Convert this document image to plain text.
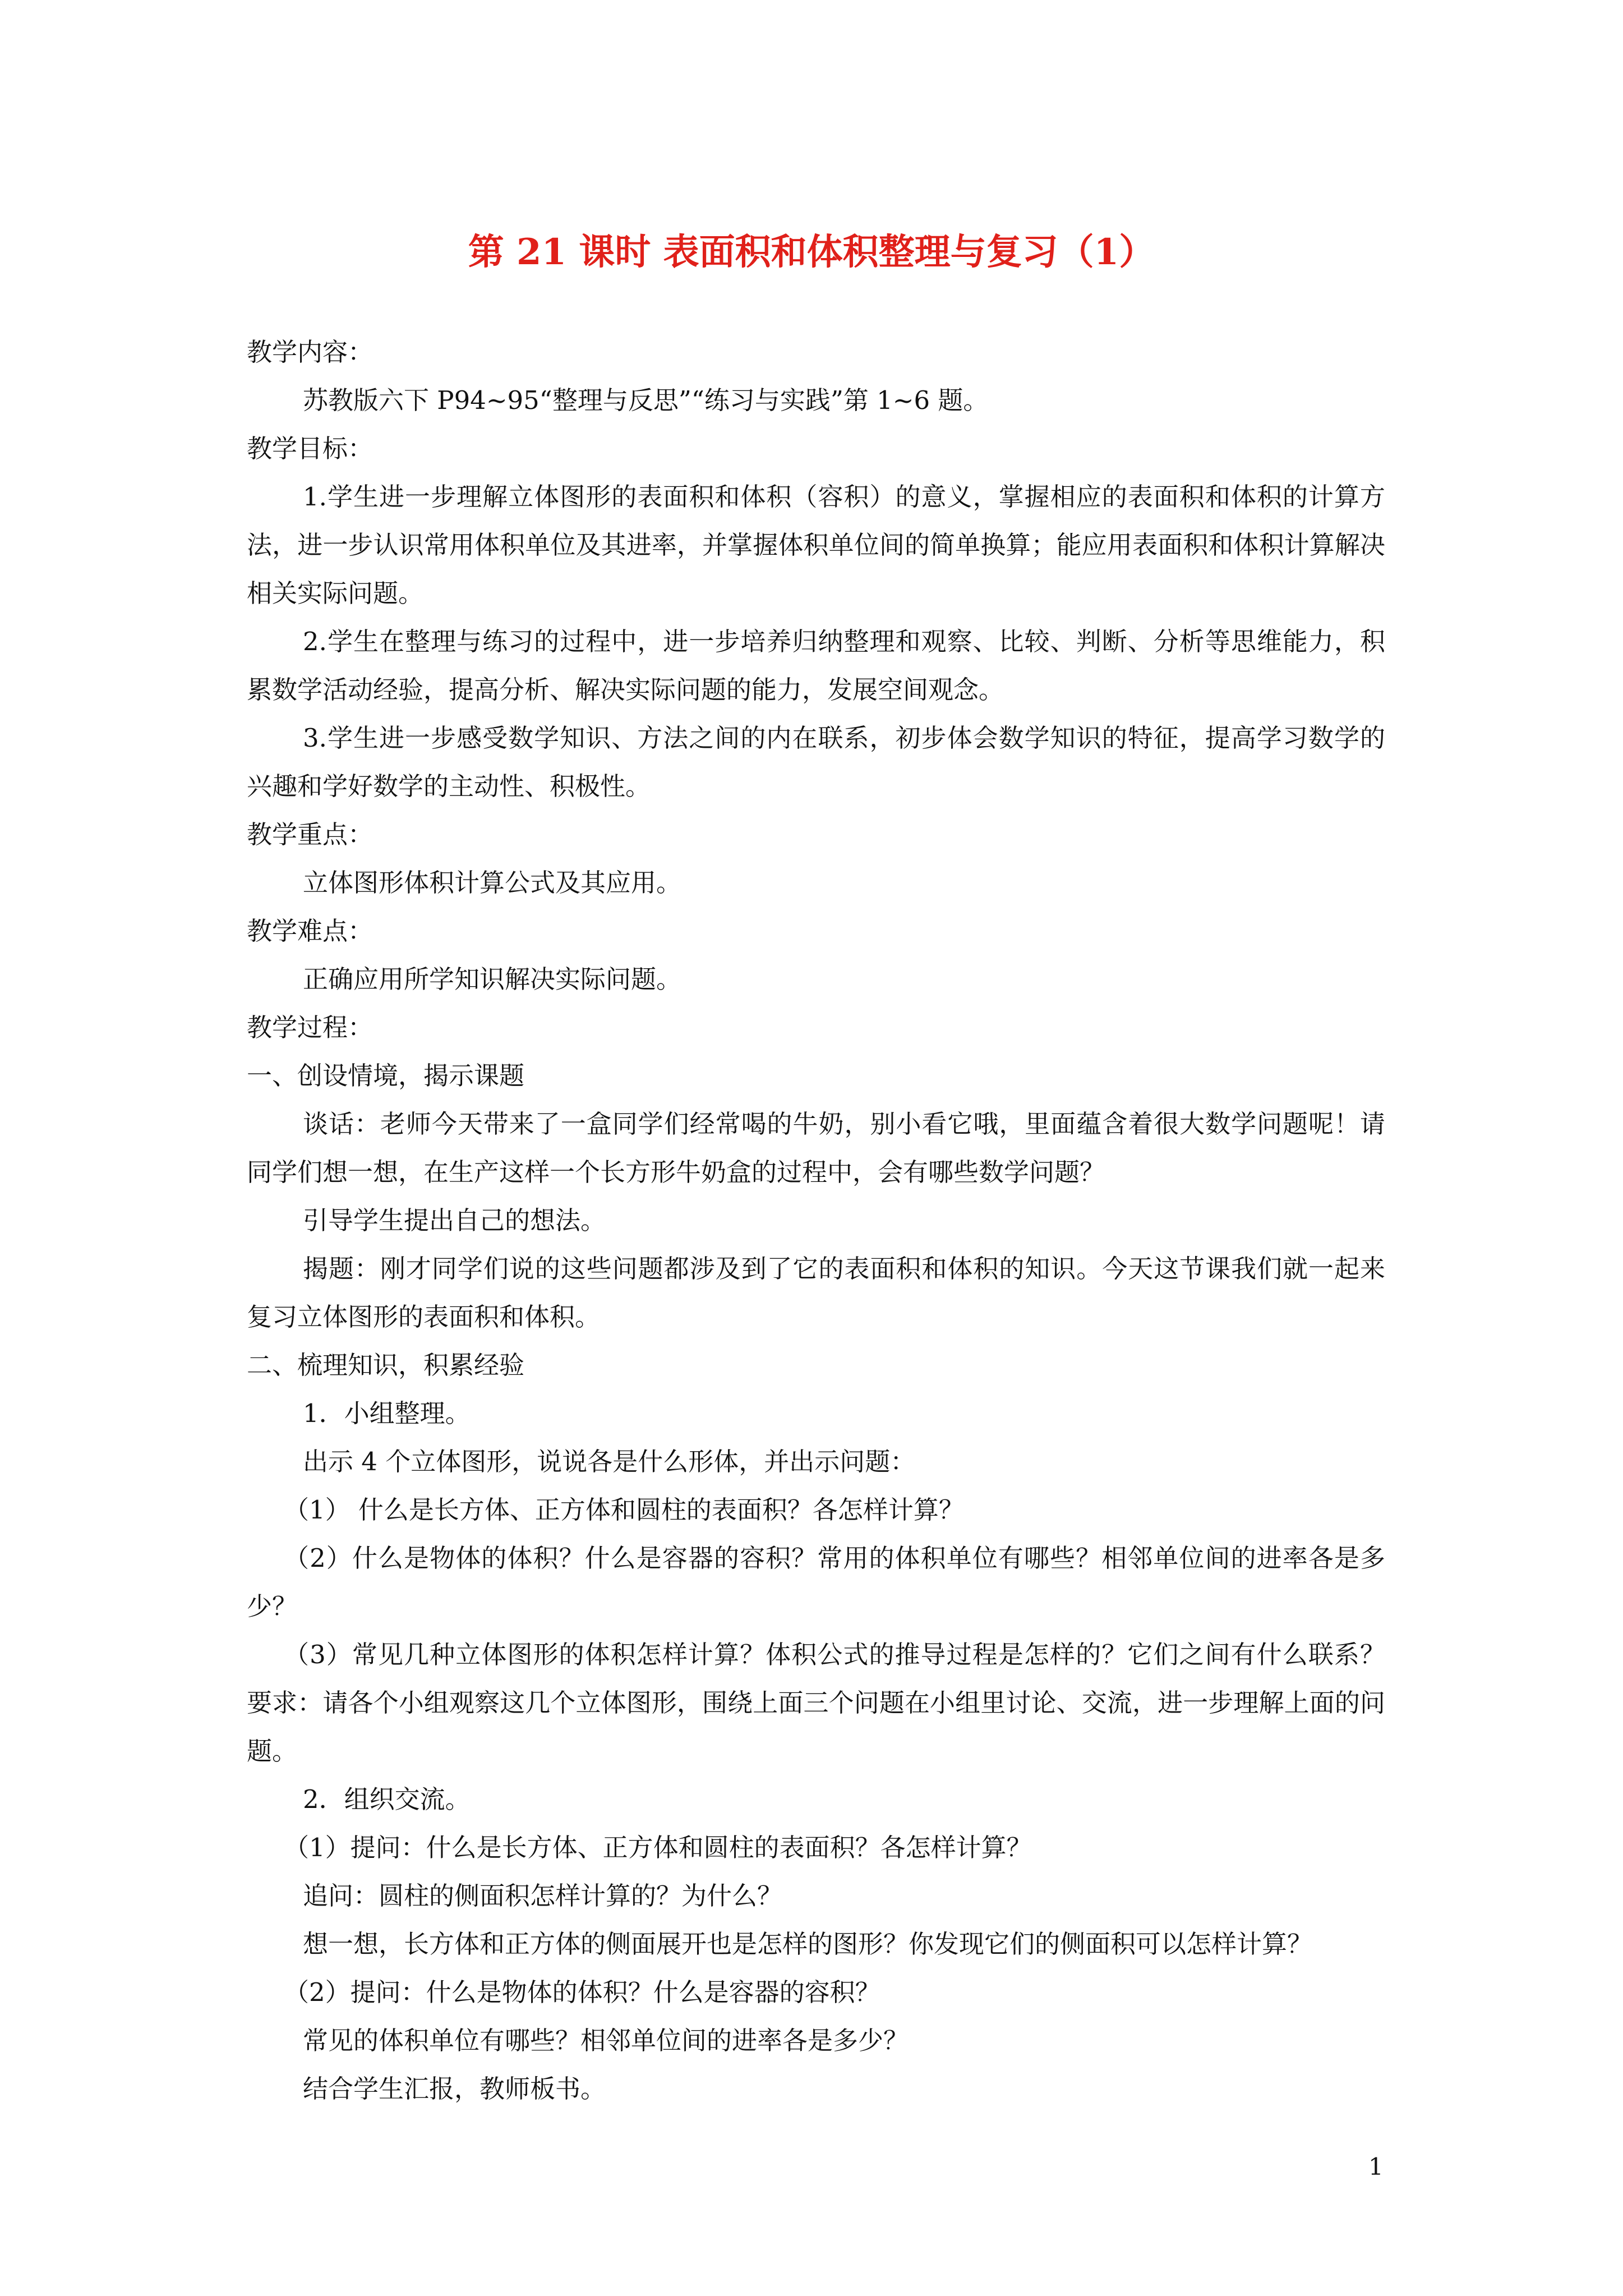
第 21 课时 表面积和体积整理与复习（1）

教学内容：

苏教版六下 P94~95“整理与反思”“练习与实践”第 1~6 题。

教学目标：

1.学生进一步理解立体图形的表面积和体积（容积）的意义，掌握相应的表面积和体积的计算方法，进一步认识常用体积单位及其进率，并掌握体积单位间的简单换算；能应用表面积和体积计算解决相关实际问题。

2.学生在整理与练习的过程中，进一步培养归纳整理和观察、比较、判断、分析等思维能力，积累数学活动经验，提高分析、解决实际问题的能力，发展空间观念。

3.学生进一步感受数学知识、方法之间的内在联系，初步体会数学知识的特征，提高学习数学的兴趣和学好数学的主动性、积极性。

教学重点：

立体图形体积计算公式及其应用。

教学难点：

正确应用所学知识解决实际问题。

教学过程：

一、创设情境，揭示课题

谈话：老师今天带来了一盒同学们经常喝的牛奶，别小看它哦，里面蕴含着很大数学问题呢！请同学们想一想，在生产这样一个长方形牛奶盒的过程中，会有哪些数学问题？

引导学生提出自己的想法。

揭题：刚才同学们说的这些问题都涉及到了它的表面积和体积的知识。今天这节课我们就一起来复习立体图形的表面积和体积。

二、梳理知识，积累经验

1．小组整理。

出示 4 个立体图形，说说各是什么形体，并出示问题：

（1） 什么是长方体、正方体和圆柱的表面积？各怎样计算？

（2）什么是物体的体积？什么是容器的容积？常用的体积单位有哪些？相邻单位间的进率各是多少？

（3）常见几种立体图形的体积怎样计算？体积公式的推导过程是怎样的？它们之间有什么联系？ 要求：请各个小组观察这几个立体图形，围绕上面三个问题在小组里讨论、交流，进一步理解上面的问题。

2．组织交流。

（1）提问：什么是长方体、正方体和圆柱的表面积？各怎样计算？

追问：圆柱的侧面积怎样计算的？为什么？

想一想，长方体和正方体的侧面展开也是怎样的图形？你发现它们的侧面积可以怎样计算？

（2）提问：什么是物体的体积？什么是容器的容积？

常见的体积单位有哪些？相邻单位间的进率各是多少？

结合学生汇报，教师板书。

1
